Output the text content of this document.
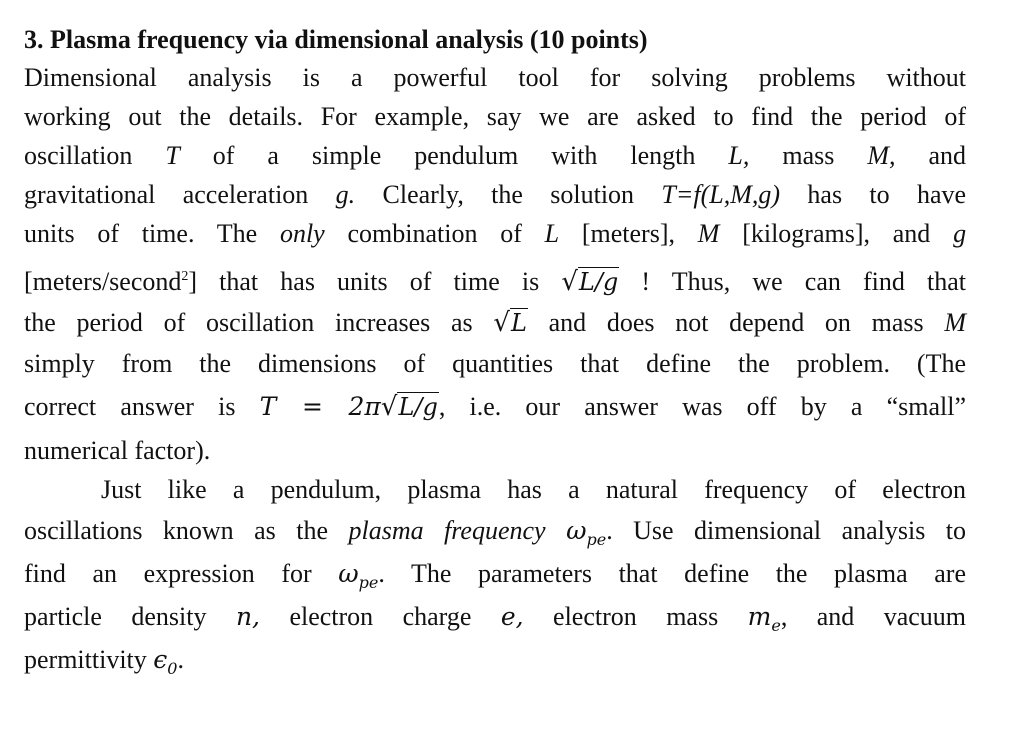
3. Plasma frequency via dimensional analysis (10 points)
Dimensional analysis is a powerful tool for solving problems without
working out the details. For example, say we are asked to find the period of
oscillation T of a simple pendulum with length L, mass M, and
gravitational acceleration g. Clearly, the solution T=f(L,M,g) has to have
units of time. The only combination of L [meters], M [kilograms], and g
[meters/second$^2$] that has units of time is √L/g ! Thus, we can find that
the period of oscillation increases as √L and does not depend on mass M
simply from the dimensions of quantities that define the problem. (The
correct answer is T = 2π√L/g, i.e. our answer was off by a “small”
numerical factor).
Just like a pendulum, plasma has a natural frequency of electron
oscillations known as the plasma frequency $\omega_{pe}$. Use dimensional analysis to
find an expression for $\omega_{pe}$. The parameters that define the plasma are
particle density n, electron charge e, electron mass $m_e$, and vacuum
permittivity $\epsilon_0$.
